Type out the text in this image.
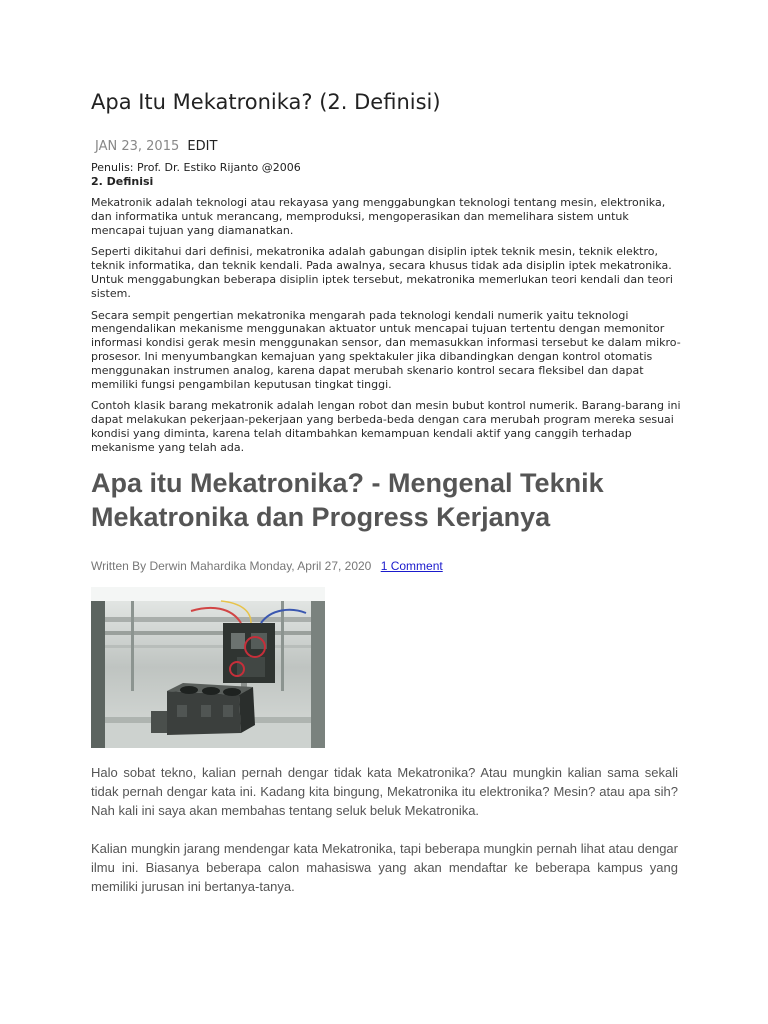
Apa Itu Mekatronika? (2. Definisi)
JAN 23, 2015 EDIT
Penulis: Prof. Dr. Estiko Rijanto @2006
2. Definisi

Mekatronik adalah teknologi atau rekayasa yang menggabungkan teknologi tentang mesin, elektronika, dan informatika untuk merancang, memproduksi, mengoperasikan dan memelihara sistem untuk mencapai tujuan yang diamanatkan.

Seperti dikitahui dari definisi, mekatronika adalah gabungan disiplin iptek teknik mesin, teknik elektro, teknik informatika, dan teknik kendali. Pada awalnya, secara khusus tidak ada disiplin iptek mekatronika. Untuk menggabungkan beberapa disiplin iptek tersebut, mekatronika memerlukan teori kendali dan teori sistem.

Secara sempit pengertian mekatronika mengarah pada teknologi kendali numerik yaitu teknologi mengendalikan mekanisme menggunakan aktuator untuk mencapai tujuan tertentu dengan memonitor informasi kondisi gerak mesin menggunakan sensor, dan memasukkan informasi tersebut ke dalam mikro-prosesor. Ini menyumbangkan kemajuan yang spektakuler jika dibandingkan dengan kontrol otomatis menggunakan instrumen analog, karena dapat merubah skenario kontrol secara fleksibel dan dapat memiliki fungsi pengambilan keputusan tingkat tinggi.

Contoh klasik barang mekatronik adalah lengan robot dan mesin bubut kontrol numerik. Barang-barang ini dapat melakukan pekerjaan-pekerjaan yang berbeda-beda dengan cara merubah program mereka sesuai kondisi yang diminta, karena telah ditambahkan kemampuan kendali aktif yang canggih terhadap mekanisme yang telah ada.

Apa itu Mekatronika? - Mengenal Teknik Mekatronika dan Progress Kerjanya
Written By Derwin Mahardika Monday, April 27, 2020 1 Comment

Halo sobat tekno, kalian pernah dengar tidak kata Mekatronika? Atau mungkin kalian sama sekali tidak pernah dengar kata ini. Kadang kita bingung, Mekatronika itu elektronika? Mesin? atau apa sih? Nah kali ini saya akan membahas tentang seluk beluk Mekatronika.

Kalian mungkin jarang mendengar kata Mekatronika, tapi beberapa mungkin pernah lihat atau dengar ilmu ini. Biasanya beberapa calon mahasiswa yang akan mendaftar ke beberapa kampus yang memiliki jurusan ini bertanya-tanya.
